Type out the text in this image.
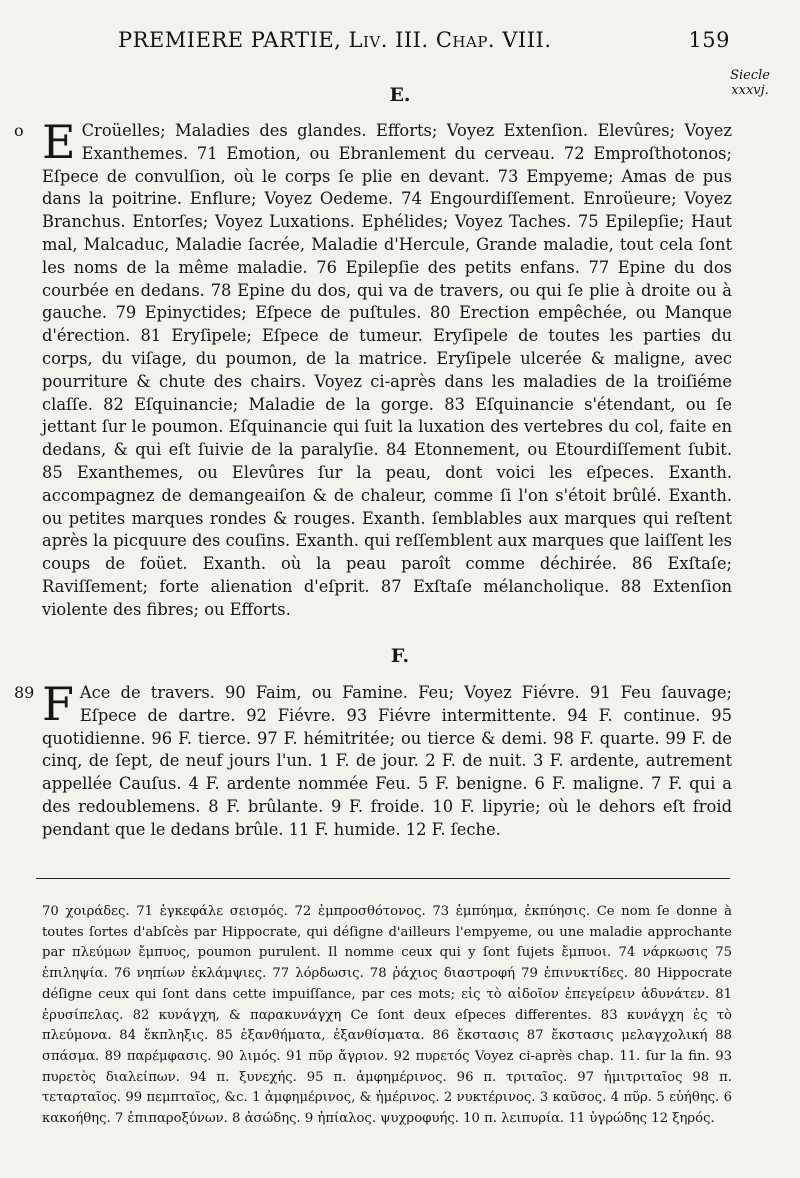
PREMIERE PARTIE, Liv. III. Chap. VIII.	159
Siecle
xxxvj.
E.
o E Croüelles; Maladies des glandes. Efforts; Voyez Extenſion. Elevûres; Voyez Exanthemes. 71 Emotion, ou Ebranlement du cerveau. 72 Emproſthotonos; Eſpece de convulſion, où le corps ſe plie en devant. 73 Empyeme; Amas de pus dans la poitrine. Enflure; Voyez Oedeme. 74 Engourdiſſement. Enroüeure; Voyez Branchus. Entorſes; Voyez Luxations. Ephélides; Voyez Taches. 75 Epilepſie; Haut mal, Malcaduc, Maladie ſacrée, Maladie d'Hercule, Grande maladie, tout cela ſont les noms de la même maladie. 76 Epilepſie des petits enfans. 77 Epine du dos courbée en dedans. 78 Epine du dos, qui va de travers, ou qui ſe plie à droite ou à gauche. 79 Epinyctides; Eſpece de puſtules. 80 Erection empêchée, ou Manque d'érection. 81 Eryſipele; Eſpece de tumeur. Eryſipele de toutes les parties du corps, du viſage, du poumon, de la matrice. Eryſipele ulcerée & maligne, avec pourriture & chute des chairs. Voyez ci-après dans les maladies de la troiſiéme claſſe. 82 Eſquinancie; Maladie de la gorge. 83 Eſquinancie s'étendant, ou ſe jettant ſur le poumon. Eſquinancie qui ſuit la luxation des vertebres du col, faite en dedans, & qui eſt ſuivie de la paralyſie. 84 Etonnement, ou Etourdiſſement ſubit. 85 Exanthemes, ou Elevûres ſur la peau, dont voici les eſpeces. Exanth. accompagnez de demangeaiſon & de chaleur, comme ſi l'on s'étoit brûlé. Exanth. ou petites marques rondes & rouges. Exanth. ſemblables aux marques qui reſtent après la picquure des couſins. Exanth. qui reſſemblent aux marques que laiſſent les coups de foüet. Exanth. où la peau paroît comme déchirée. 86 Exſtaſe; Raviſſement; forte alienation d'eſprit. 87 Exſtaſe mélancholique. 88 Extenſion violente des fibres; ou Efforts.
F.
89 F Ace de travers. 90 Faim, ou Famine. Feu; Voyez Fiévre. 91 Feu ſauvage; Eſpece de dartre. 92 Fiévre. 93 Fiévre intermittente. 94 F. continue. 95 quotidienne. 96 F. tierce. 97 F. hémitritée; ou tierce & demi. 98 F. quarte. 99 F. de cinq, de ſept, de neuf jours l'un. 1 F. de jour. 2 F. de nuit. 3 F. ardente, autrement appellée Cauſus. 4 F. ardente nommée Feu. 5 F. benigne. 6 F. maligne. 7 F. qui a des redoublemens. 8 F. brûlante. 9 F. froide. 10 F. lipyrie; où le dehors eſt froid pendant que le dedans brûle. 11 F. humide. 12 F. ſeche.
70 χοιράδες. 71 ἐγκεφάλε σεισμός. 72 ἐμπροσθότονος. 73 ἐμπύημα, ἐκπύησις. Ce nom ſe donne à toutes ſortes d'abſcès par Hippocrate, qui déſigne d'ailleurs l'empyeme, ou une maladie approchante par πλεύμων ἔμπυος, poumon purulent. Il nomme ceux qui y ſont ſujets ἔμπυοι. 74 νάρκωσις 75 ἐπιληψία. 76 νηπίων ἐκλάμψιες. 77 λόρδωσις. 78 ῥάχιος διαστροφή 79 ἐπινυκτίδες. 80 Hippocrate déſigne ceux qui ſont dans cette impuiſſance, par ces mots; εἰς τὸ αἰδοῖον ἐπεγείρειν ἀδυνάτεν. 81 ἐρυσίπελας. 82 κυνάγχη, & παρακυνάγχη Ce ſont deux eſpeces differentes. 83 κυνάγχη ἐς τὸ πλεύμονα. 84 ἔκπληξις. 85 ἐξανθήματα, ἐξανθίσματα. 86 ἔκστασις 87 ἔκστασις μελαγχολική 88 σπάσμα. 89 παρέμφασις. 90 λιμός. 91 πῦρ ἄγριον. 92 πυρετός Voyez ci-après chap. 11. ſur la fin. 93 πυρετὸς διαλείπων. 94 π. ξυνεχής. 95 π. ἀμφημέρινος. 96 π. τριταῖος. 97 ἡμιτριταῖος 98 π. τεταρταῖος. 99 πεμπταῖος, &c. 1 ἀμφημέρινος, & ἡμέρινος. 2 νυκτέρινος. 3 καῦσος. 4 πῦρ. 5 εὐήθης. 6 κακοήθης. 7 ἐπιπαροξύνων. 8 ἀσώδης. 9 ἠπίαλος. ψυχροφυής. 10 π. λειπυρία. 11 ὑγρώδης 12 ξηρός.
